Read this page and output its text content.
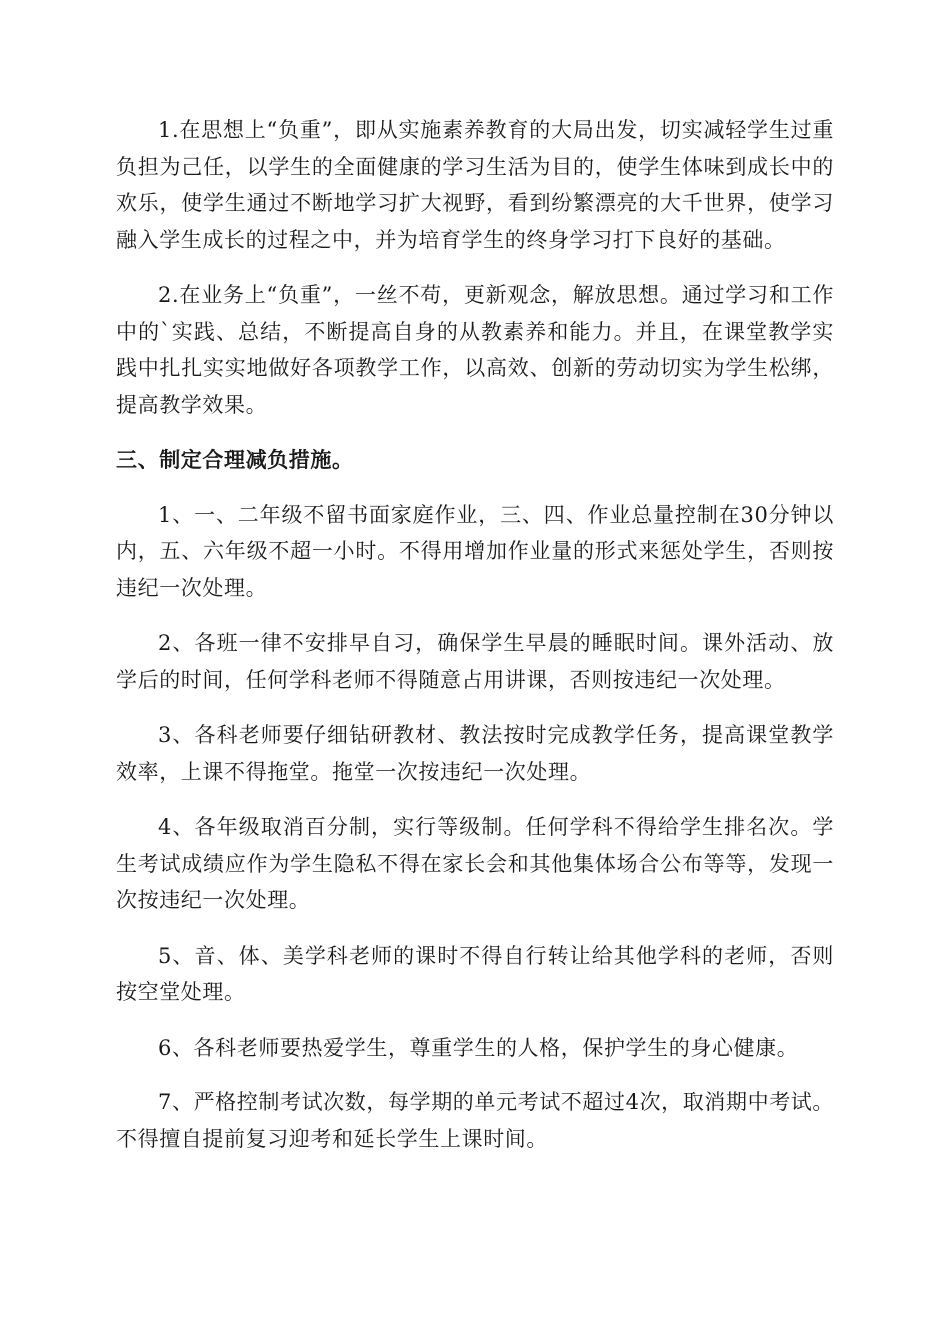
1.在思想上“负重”，即从实施素养教育的大局出发，切实减轻学生过重负担为己任，以学生的全面健康的学习生活为目的，使学生体味到成长中的欢乐，使学生通过不断地学习扩大视野，看到纷繁漂亮的大千世界，使学习融入学生成长的过程之中，并为培育学生的终身学习打下良好的基础。

2.在业务上“负重”，一丝不苟，更新观念，解放思想。通过学习和工作中的`实践、总结，不断提高自身的从教素养和能力。并且，在课堂教学实践中扎扎实实地做好各项教学工作，以高效、创新的劳动切实为学生松绑，提高教学效果。

三、制定合理减负措施。

1、一、二年级不留书面家庭作业，三、四、作业总量控制在30分钟以内，五、六年级不超一小时。不得用增加作业量的形式来惩处学生，否则按违纪一次处理。

2、各班一律不安排早自习，确保学生早晨的睡眠时间。课外活动、放学后的时间，任何学科老师不得随意占用讲课，否则按违纪一次处理。

3、各科老师要仔细钻研教材、教法按时完成教学任务，提高课堂教学效率，上课不得拖堂。拖堂一次按违纪一次处理。

4、各年级取消百分制，实行等级制。任何学科不得给学生排名次。学生考试成绩应作为学生隐私不得在家长会和其他集体场合公布等等，发现一次按违纪一次处理。

5、音、体、美学科老师的课时不得自行转让给其他学科的老师，否则按空堂处理。

6、各科老师要热爱学生，尊重学生的人格，保护学生的身心健康。

7、严格控制考试次数，每学期的单元考试不超过4次，取消期中考试。不得擅自提前复习迎考和延长学生上课时间。
